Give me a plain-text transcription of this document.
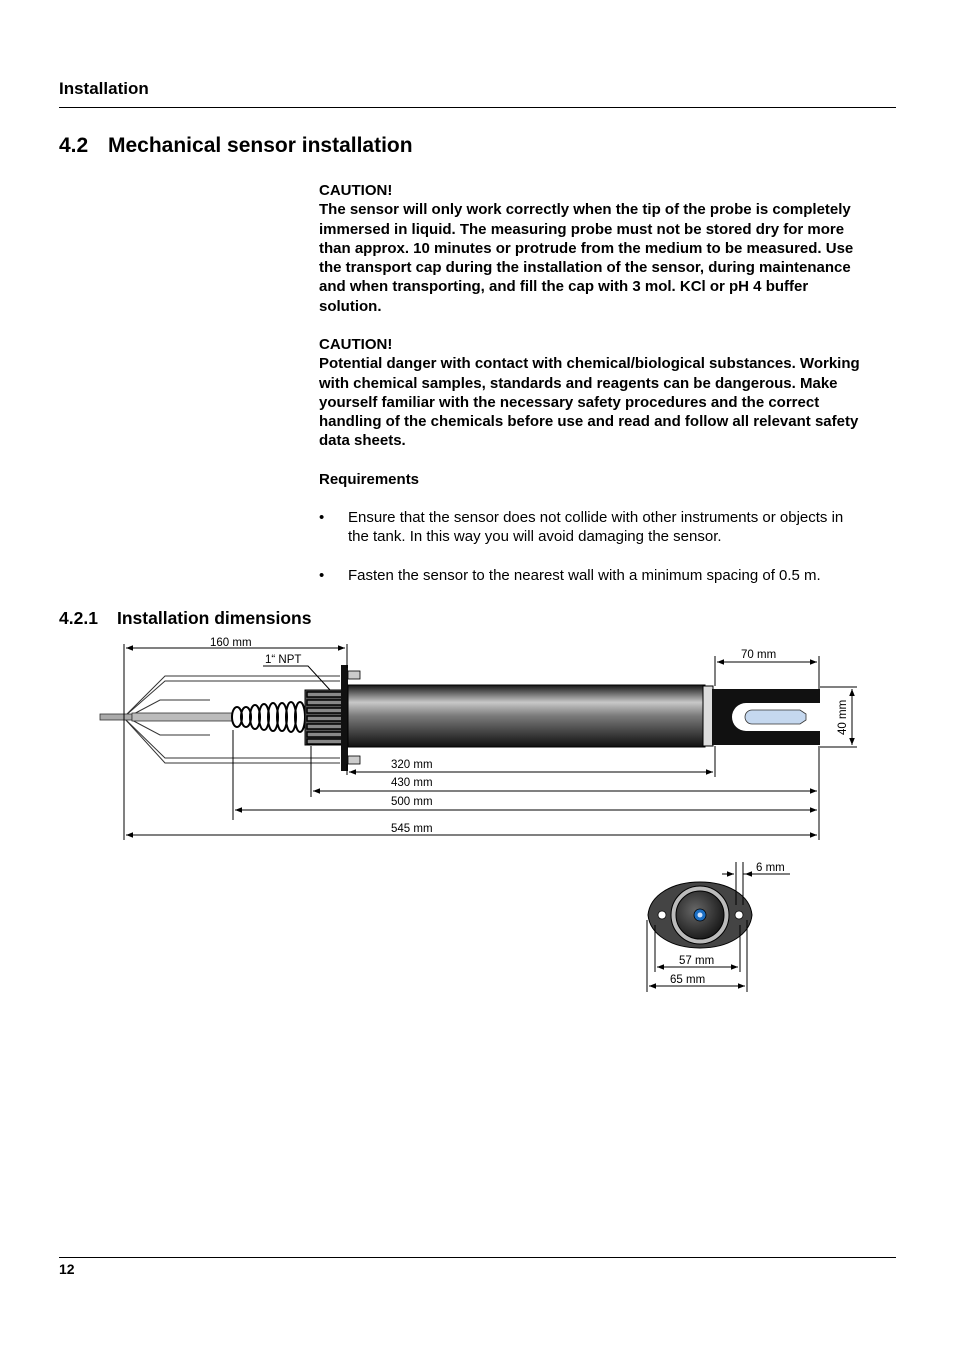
Installation
4.2 Mechanical sensor installation
CAUTION!
The sensor will only work correctly when the tip of the probe is completely
immersed in liquid. The measuring probe must not be stored dry for more
than approx. 10 minutes or protrude from the medium to be measured. Use
the transport cap during the installation of the sensor, during maintenance
and when transporting, and fill the cap with 3 mol. KCl or pH 4 buffer
solution.
CAUTION!
Potential danger with contact with chemical/biological substances. Working
with chemical samples, standards and reagents can be dangerous. Make
yourself familiar with the necessary safety procedures and the correct
handling of the chemicals before use and read and follow all relevant safety
data sheets.
Requirements
• Ensure that the sensor does not collide with other instruments or objects in
the tank. In this way you will avoid damaging the sensor.
• Fasten the sensor to the nearest wall with a minimum spacing of 0.5 m.
4.2.1 Installation dimensions
160 mm
1“ NPT	70 mm
40 mm
320 mm
430 mm
500 mm
545 mm
6 mm
57 mm
65 mm
12
